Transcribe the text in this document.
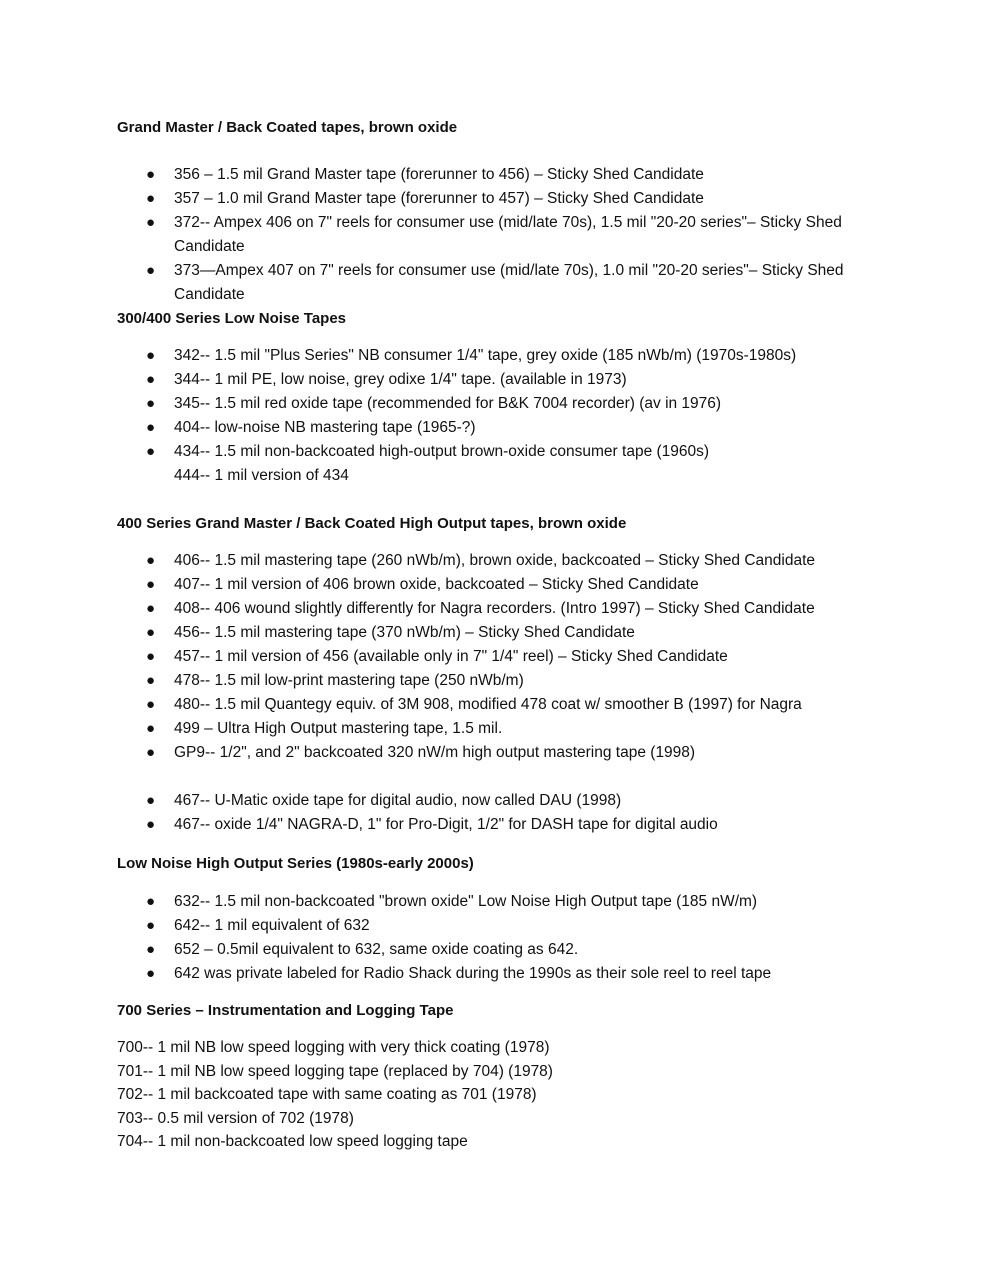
Grand Master / Back Coated tapes, brown oxide
● 356 – 1.5 mil Grand Master tape (forerunner to 456) – Sticky Shed Candidate
● 357 – 1.0 mil Grand Master tape (forerunner to 457) – Sticky Shed Candidate
● 372-- Ampex 406 on 7" reels for consumer use (mid/late 70s), 1.5 mil "20-20 series"– Sticky Shed Candidate
● 373—Ampex 407 on 7" reels for consumer use (mid/late 70s), 1.0 mil "20-20 series"– Sticky Shed Candidate
300/400 Series Low Noise Tapes
● 342-- 1.5 mil "Plus Series" NB consumer 1/4" tape, grey oxide (185 nWb/m) (1970s-1980s)
● 344-- 1 mil PE, low noise, grey odixe 1/4" tape. (available in 1973)
● 345-- 1.5 mil red oxide tape (recommended for B&K 7004 recorder) (av in 1976)
● 404-- low-noise NB mastering tape (1965-?)
● 434-- 1.5 mil non-backcoated high-output brown-oxide consumer tape (1960s)
444-- 1 mil version of 434
400 Series Grand Master / Back Coated High Output tapes, brown oxide
● 406-- 1.5 mil mastering tape (260 nWb/m), brown oxide, backcoated – Sticky Shed Candidate
● 407-- 1 mil version of 406 brown oxide, backcoated – Sticky Shed Candidate
● 408-- 406 wound slightly differently for Nagra recorders. (Intro 1997) – Sticky Shed Candidate
● 456-- 1.5 mil mastering tape (370 nWb/m) – Sticky Shed Candidate
● 457-- 1 mil version of 456 (available only in 7" 1/4" reel) – Sticky Shed Candidate
● 478-- 1.5 mil low-print mastering tape (250 nWb/m)
● 480-- 1.5 mil Quantegy equiv. of 3M 908, modified 478 coat w/ smoother B (1997) for Nagra
● 499 – Ultra High Output mastering tape, 1.5 mil.
● GP9-- 1/2", and 2" backcoated 320 nW/m high output mastering tape (1998)
● 467-- U-Matic oxide tape for digital audio, now called DAU (1998)
● 467-- oxide 1/4" NAGRA-D, 1" for Pro-Digit, 1/2" for DASH tape for digital audio
Low Noise High Output Series (1980s-early 2000s)
● 632-- 1.5 mil non-backcoated "brown oxide" Low Noise High Output tape (185 nW/m)
● 642-- 1 mil equivalent of 632
● 652 – 0.5mil equivalent to 632, same oxide coating as 642.
● 642 was private labeled for Radio Shack during the 1990s as their sole reel to reel tape
700 Series – Instrumentation and Logging Tape
700-- 1 mil NB low speed logging with very thick coating (1978)
701-- 1 mil NB low speed logging tape (replaced by 704) (1978)
702-- 1 mil backcoated tape with same coating as 701 (1978)
703-- 0.5 mil version of 702 (1978)
704-- 1 mil non-backcoated low speed logging tape
